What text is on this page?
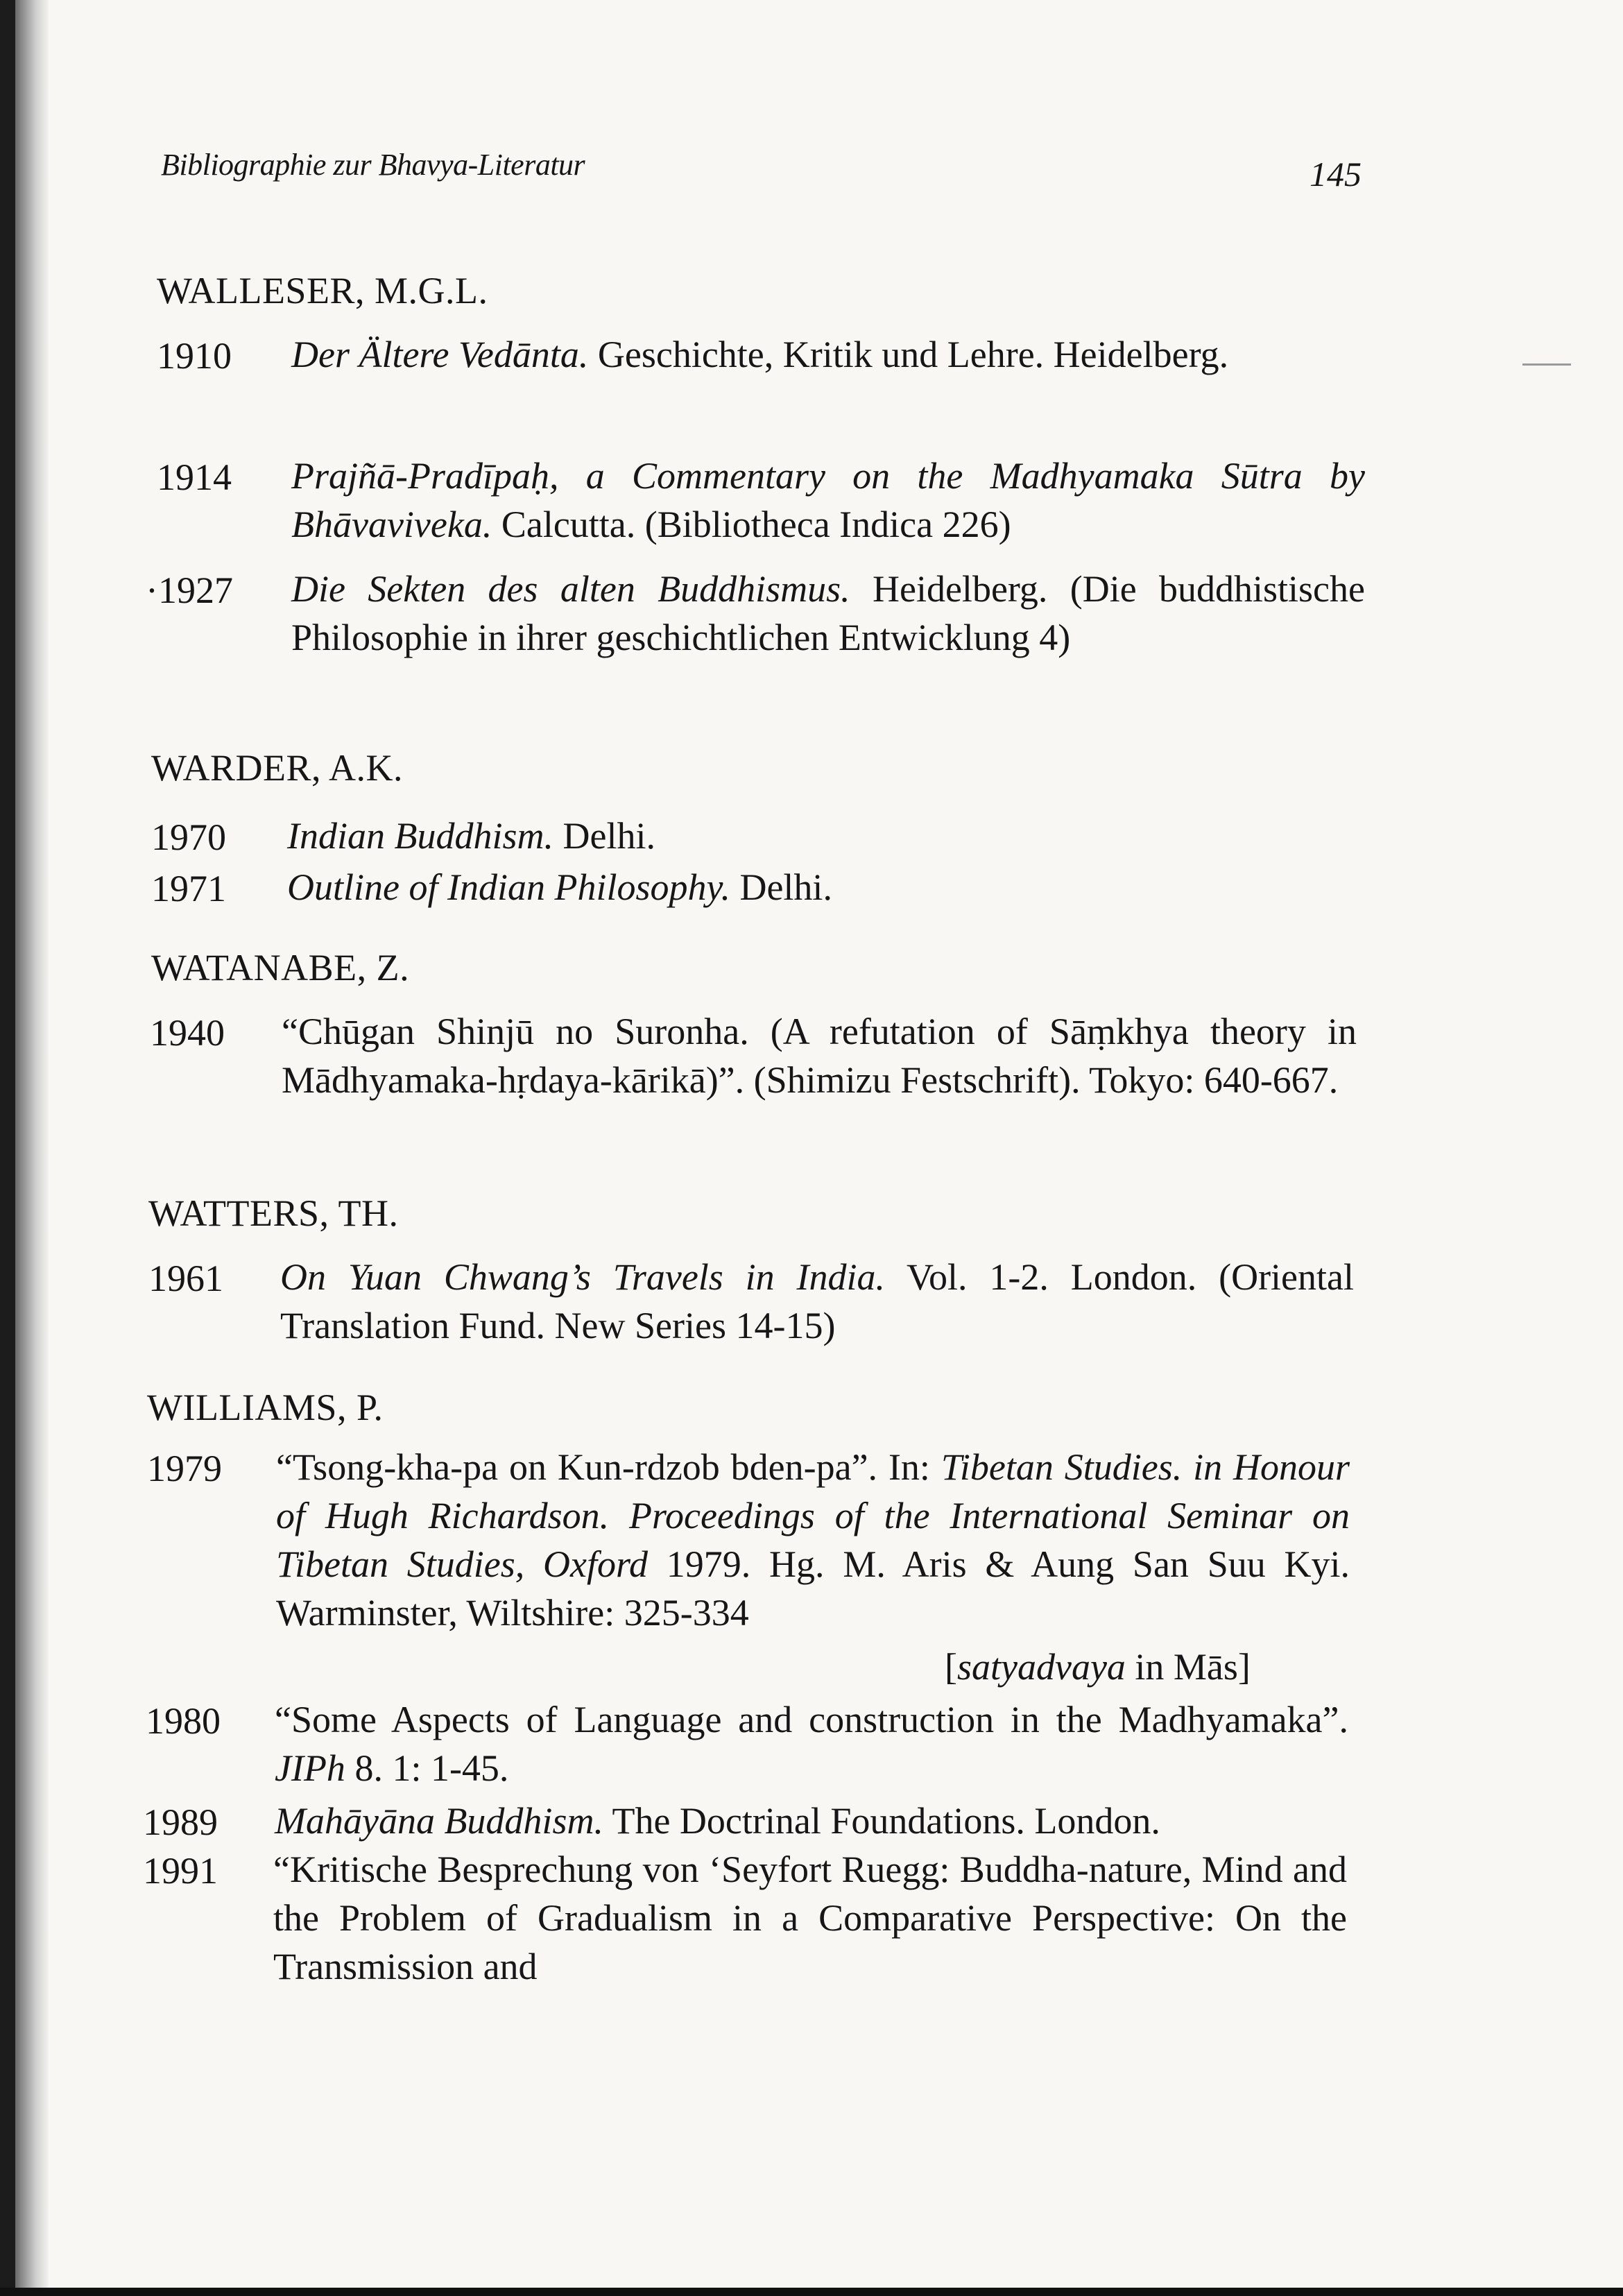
Bibliographie zur Bhavya-Literatur	145
WALLESER, M.G.L.
1910 Der Ältere Vedānta. Geschichte, Kritik und Lehre. Heidelberg.
1914 Prajñā-Pradīpaḥ, a Commentary on the Madhyamaka Sūtra by Bhāvaviveka. Calcutta. (Bibliotheca Indica 226)
·1927 Die Sekten des alten Buddhismus. Heidelberg. (Die buddhistische Philosophie in ihrer geschichtlichen Entwicklung 4)
WARDER, A.K.
1970 Indian Buddhism. Delhi.
1971 Outline of Indian Philosophy. Delhi.
WATANABE, Z.
1940 “Chūgan Shinjū no Suronha. (A refutation of Sāṃkhya theory in Mādhyamaka-hṛdaya-kārikā)”. (Shimizu Festschrift). Tokyo: 640-667.
WATTERS, TH.
1961 On Yuan Chwang’s Travels in India. Vol. 1-2. London. (Oriental Translation Fund. New Series 14-15)
WILLIAMS, P.
1979 “Tsong-kha-pa on Kun-rdzob bden-pa”. In: Tibetan Studies. in Honour of Hugh Richardson. Proceedings of the International Seminar on Tibetan Studies, Oxford 1979. Hg. M. Aris & Aung San Suu Kyi. Warminster, Wiltshire: 325-334
[satyadvaya in Mās]
1980 “Some Aspects of Language and construction in the Madhyamaka”. JIPh 8. 1: 1-45.
1989 Mahāyāna Buddhism. The Doctrinal Foundations. London.
1991 “Kritische Besprechung von ‘Seyfort Ruegg: Buddha-nature, Mind and the Problem of Gradualism in a Comparative Perspective: On the Transmission and
